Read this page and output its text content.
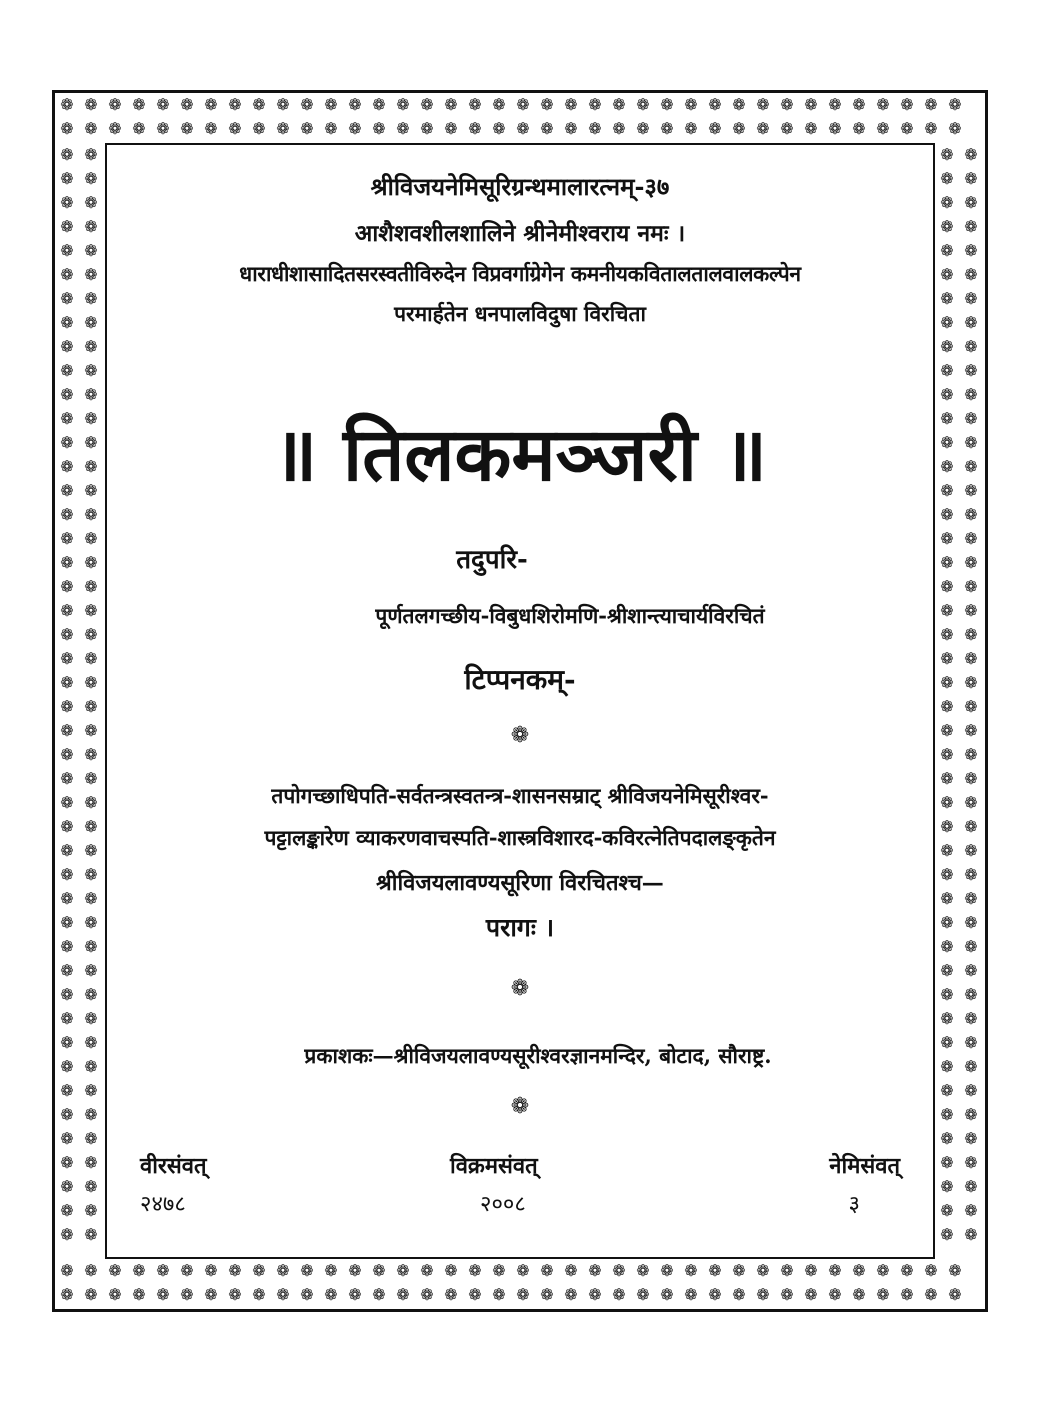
❁ ❁ ❁ ❁ ❁ ❁ ❁ ❁ ❁ ❁ ❁ ❁ ❁ ❁ ❁ ❁ ❁ ❁ ❁ ❁ ❁ ❁ ❁ ❁ ❁ ❁ ❁ ❁ ❁ ❁ ❁ ❁ ❁ ❁ ❁ ❁ ❁ ❁
❁ ❁ ❁ ❁ ❁ ❁ ❁ ❁ ❁ ❁ ❁ ❁ ❁ ❁ ❁ ❁ ❁ ❁ ❁ ❁ ❁ ❁ ❁ ❁ ❁ ❁ ❁ ❁ ❁ ❁ ❁ ❁ ❁ ❁ ❁ ❁ ❁ ❁
❁ ❁ ❁ ❁ ❁ ❁ ❁ ❁ ❁ ❁ ❁ ❁ ❁ ❁ ❁ ❁ ❁ ❁ ❁ ❁ ❁ ❁ ❁ ❁ ❁ ❁ ❁ ❁ ❁ ❁ ❁ ❁ ❁ ❁ ❁ ❁ ❁ ❁
❁ ❁ ❁ ❁ ❁ ❁ ❁ ❁ ❁ ❁ ❁ ❁ ❁ ❁ ❁ ❁ ❁ ❁ ❁ ❁ ❁ ❁ ❁ ❁ ❁ ❁ ❁ ❁ ❁ ❁ ❁ ❁ ❁ ❁ ❁ ❁ ❁ ❁
❁ ❁
❁ ❁
❁ ❁
❁ ❁
❁ ❁
❁ ❁
❁ ❁
❁ ❁
❁ ❁
❁ ❁
❁ ❁
❁ ❁
❁ ❁
❁ ❁
❁ ❁
❁ ❁
❁ ❁
❁ ❁
❁ ❁
❁ ❁
❁ ❁
❁ ❁
❁ ❁
❁ ❁
❁ ❁
❁ ❁
❁ ❁
❁ ❁
❁ ❁
❁ ❁
❁ ❁
❁ ❁
❁ ❁
❁ ❁
❁ ❁
❁ ❁
❁ ❁
❁ ❁
❁ ❁
❁ ❁
❁ ❁
❁ ❁
❁ ❁
❁ ❁
❁ ❁
❁ ❁
❁ ❁
❁ ❁
❁ ❁
❁ ❁
❁ ❁
❁ ❁
❁ ❁
❁ ❁
❁ ❁
❁ ❁
❁ ❁
❁ ❁
❁ ❁
❁ ❁
❁ ❁
❁ ❁
❁ ❁
❁ ❁
❁ ❁
❁ ❁
❁ ❁
❁ ❁
❁ ❁
❁ ❁
❁ ❁
❁ ❁
❁ ❁
❁ ❁
❁ ❁
❁ ❁
❁ ❁
❁ ❁
❁ ❁
❁ ❁
❁ ❁
❁ ❁
❁ ❁
❁ ❁
❁ ❁
❁ ❁
❁ ❁
❁ ❁
❁ ❁
❁ ❁
❁ ❁
❁ ❁
श्रीविजयनेमिसूरिग्रन्थमालारत्नम्-३७
आशैशवशीलशालिने श्रीनेमीश्वराय नमः ।
धाराधीशासादितसरस्वतीविरुदेन विप्रवर्गाग्रेगेन कमनीयकवितालतालवालकल्पेन
परमार्हतेन धनपालविदुषा विरचिता
॥ तिलकमञ्जरी ॥
तदुपरि-
पूर्णतलगच्छीय-विबुधशिरोमणि-श्रीशान्त्याचार्यविरचितं
टिप्पनकम्-
❁
तपोगच्छाधिपति-सर्वतन्त्रस्वतन्त्र-शासनसम्राट् श्रीविजयनेमिसूरीश्वर-
पट्टालङ्कारेण व्याकरणवाचस्पति-शास्त्रविशारद-कविरत्नेतिपदालङ्कृतेन
श्रीविजयलावण्यसूरिणा विरचितश्च—
परागः ।
❁
प्रकाशकः—श्रीविजयलावण्यसूरीश्वरज्ञानमन्दिर, बोटाद, सौराष्ट्र.
❁
वीरसंवत्
२४७८
विक्रमसंवत्
२००८
नेमिसंवत्
३
